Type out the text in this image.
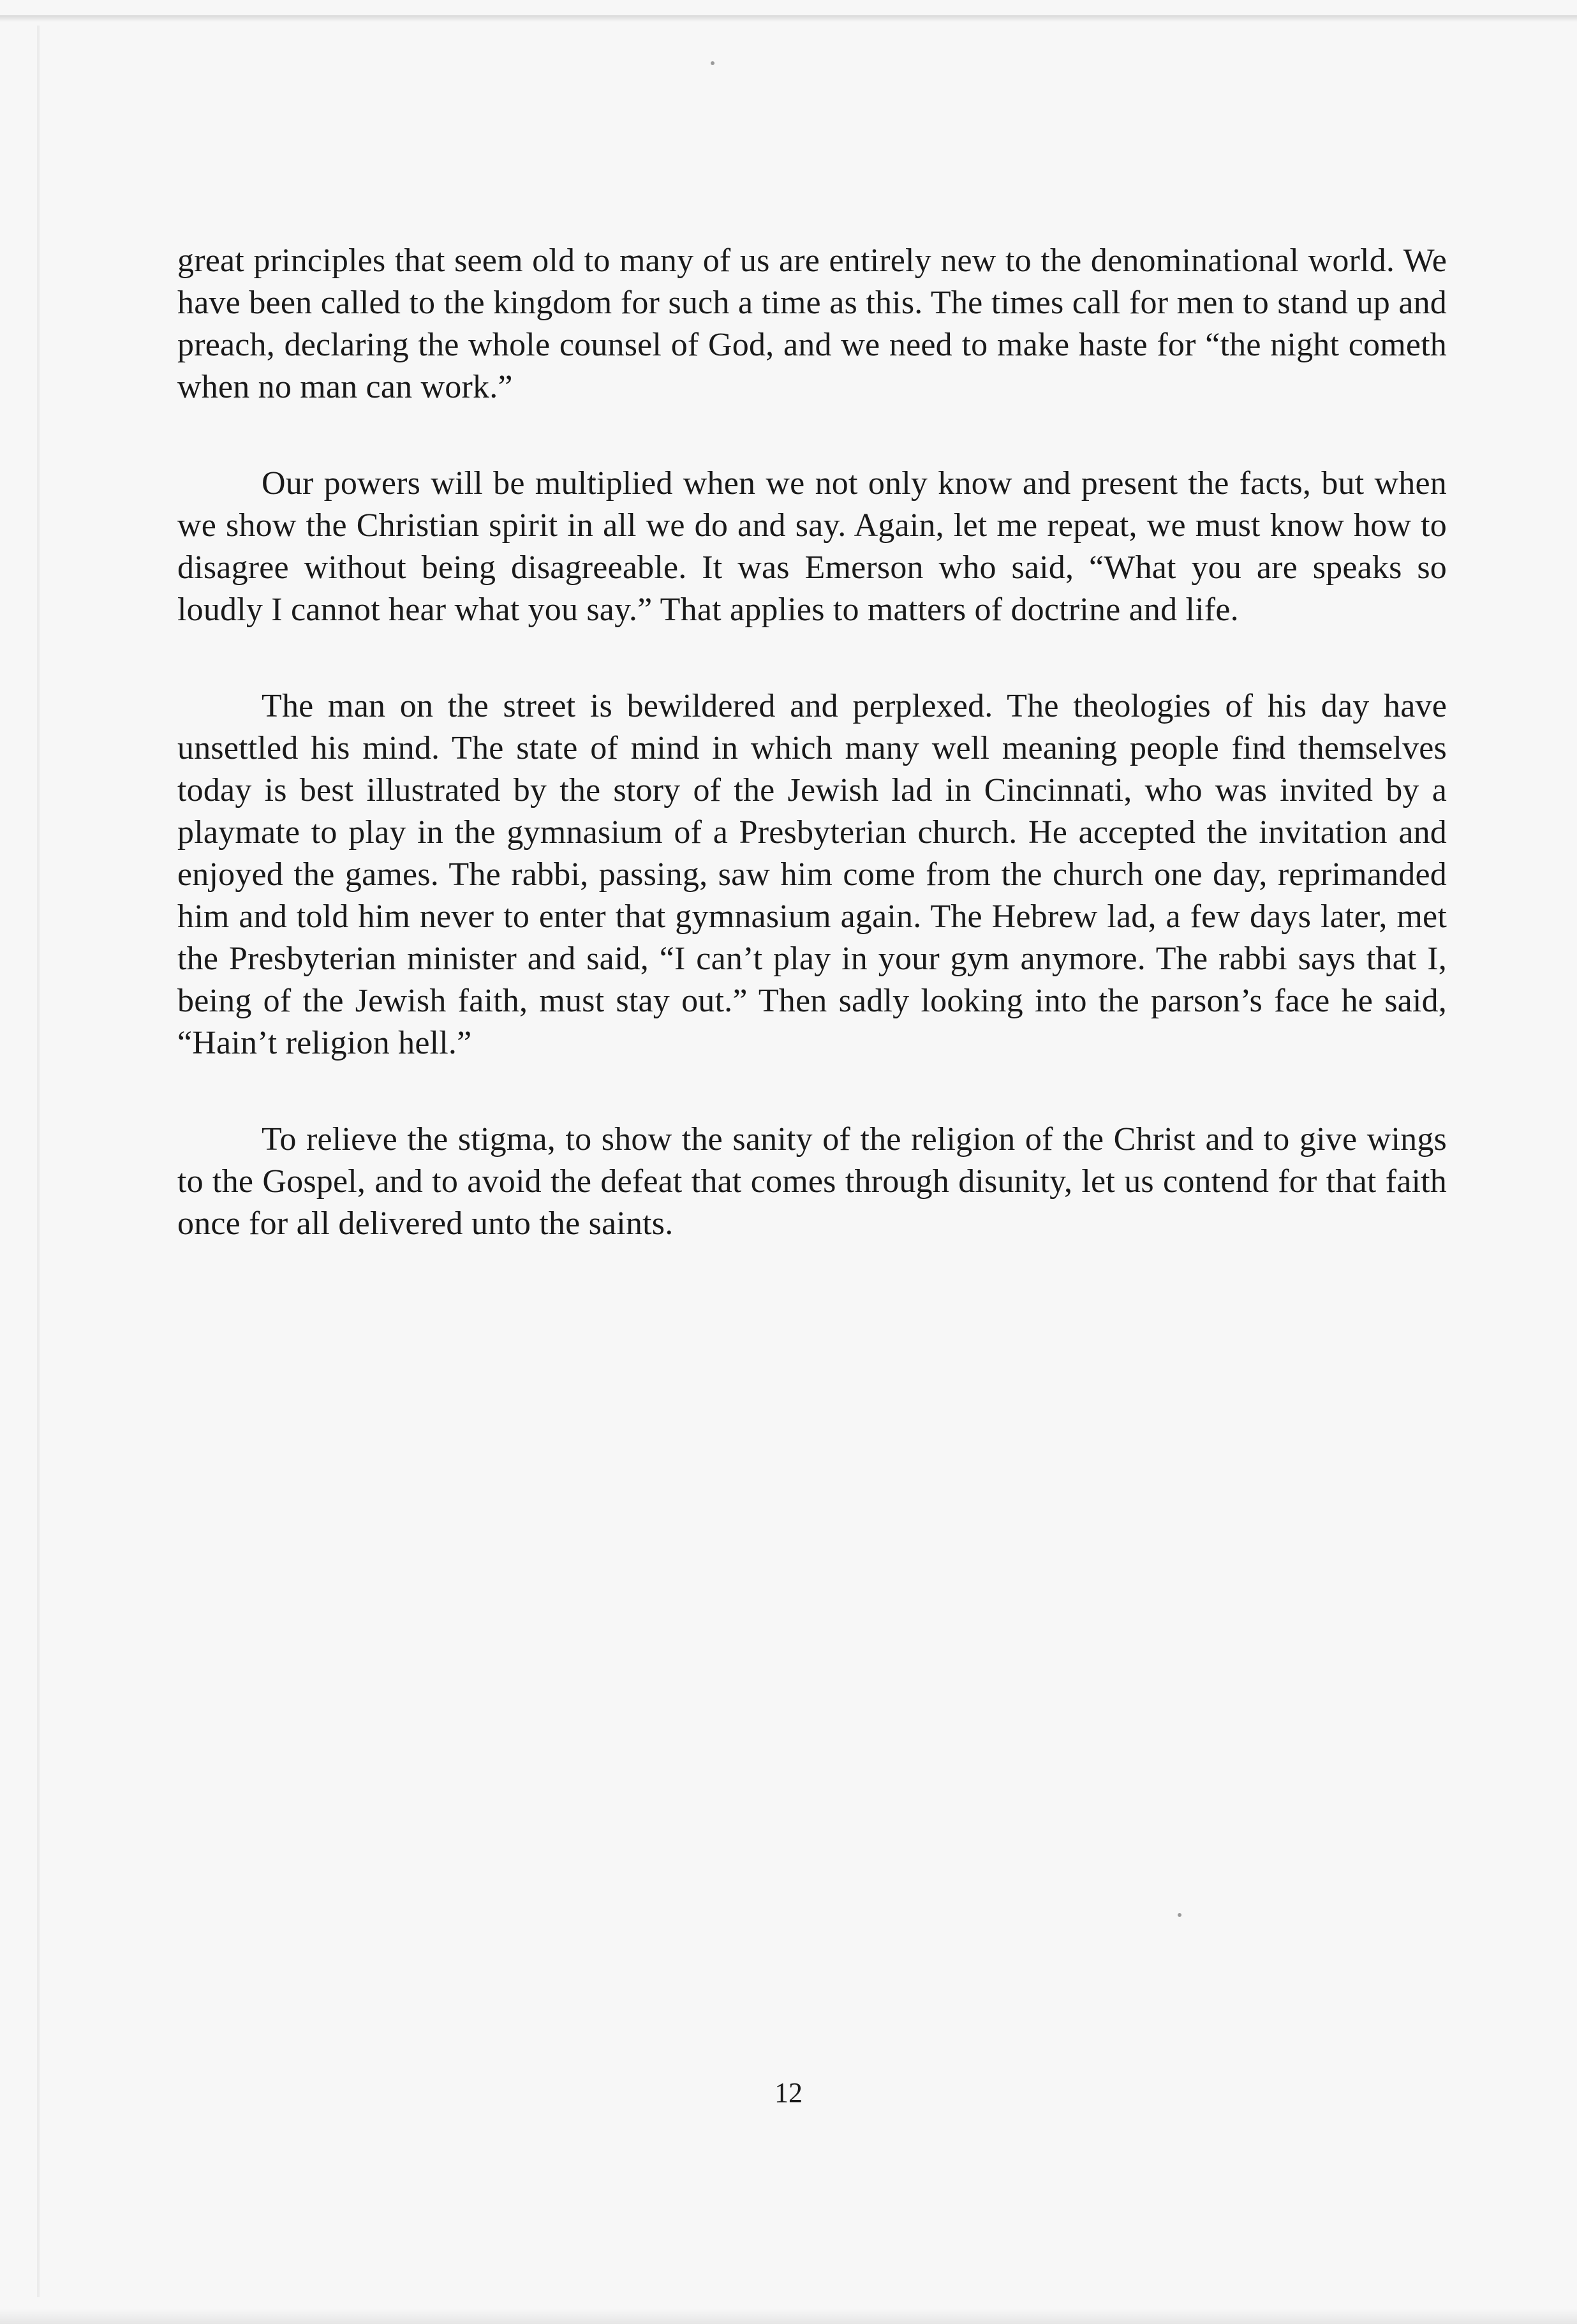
great principles that seem old to many of us are entirely new to the denominational world. We have been called to the kingdom for such a time as this. The times call for men to stand up and preach, declaring the whole counsel of God, and we need to make haste for “the night cometh when no man can work.”

Our powers will be multiplied when we not only know and present the facts, but when we show the Christian spirit in all we do and say. Again, let me repeat, we must know how to disagree without being disagreeable. It was Emerson who said, “What you are speaks so loudly I cannot hear what you say.” That applies to matters of doctrine and life.

The man on the street is bewildered and perplexed. The theologies of his day have unsettled his mind. The state of mind in which many well meaning people find themselves today is best illustrated by the story of the Jewish lad in Cincinnati, who was invited by a playmate to play in the gymnasium of a Presbyterian church. He accepted the invitation and enjoyed the games. The rabbi, passing, saw him come from the church one day, reprimanded him and told him never to enter that gymnasium again. The Hebrew lad, a few days later, met the Presbyterian minister and said, “I can’t play in your gym anymore. The rabbi says that I, being of the Jewish faith, must stay out.” Then sadly looking into the parson’s face he said, “Hain’t religion hell.”

To relieve the stigma, to show the sanity of the religion of the Christ and to give wings to the Gospel, and to avoid the defeat that comes through disunity, let us contend for that faith once for all delivered unto the saints.

12
